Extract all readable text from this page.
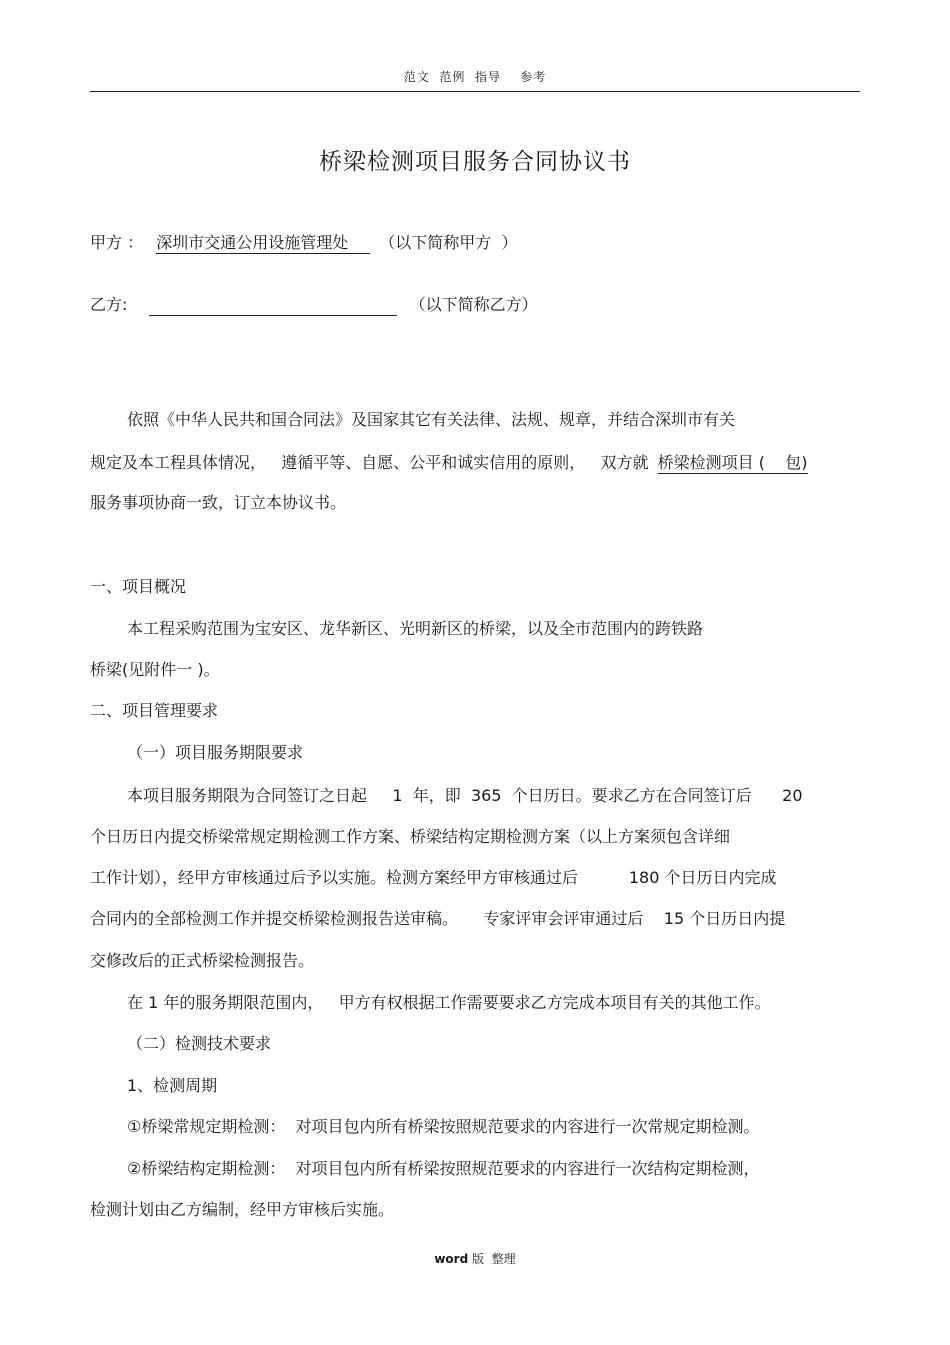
范文  范例  指导    参考
桥梁检测项目服务合同协议书
甲方 ： 深圳市交通公用设施管理处 （以下简称甲方  ）
乙方:	（以下简称乙方）
依照《中华人民共和国合同法》及国家其它有关法律、法规、规章，并结合深圳市有关
规定及本工程具体情况，   遵循平等、自愿、公平和诚实信用的原则，   双方就 桥梁检测项目 (    包)
服务事项协商一致，订立本协议书。
一、项目概况
本工程采购范围为宝安区、龙华新区、光明新区的桥梁，以及全市范围内的跨铁路
桥梁(见附件一 )。
二、项目管理要求
（一）项目服务期限要求
本项目服务期限为合同签订之日起     1  年，即  365  个日历日。要求乙方在合同签订后      20
个日历日内提交桥梁常规定期检测工作方案、桥梁结构定期检测方案（以上方案须包含详细
工作计划），经甲方审核通过后予以实施。检测方案经甲方审核通过后          180 个日历日内完成
合同内的全部检测工作并提交桥梁检测报告送审稿。     专家评审会评审通过后    15 个日历日内提
交修改后的正式桥梁检测报告。
在 1 年的服务期限范围内，   甲方有权根据工作需要要求乙方完成本项目有关的其他工作。
（二）检测技术要求
1、检测周期
①桥梁常规定期检测：  对项目包内所有桥梁按照规范要求的内容进行一次常规定期检测。
②桥梁结构定期检测：  对项目包内所有桥梁按照规范要求的内容进行一次结构定期检测，
检测计划由乙方编制，经甲方审核后实施。
word 版  整理
